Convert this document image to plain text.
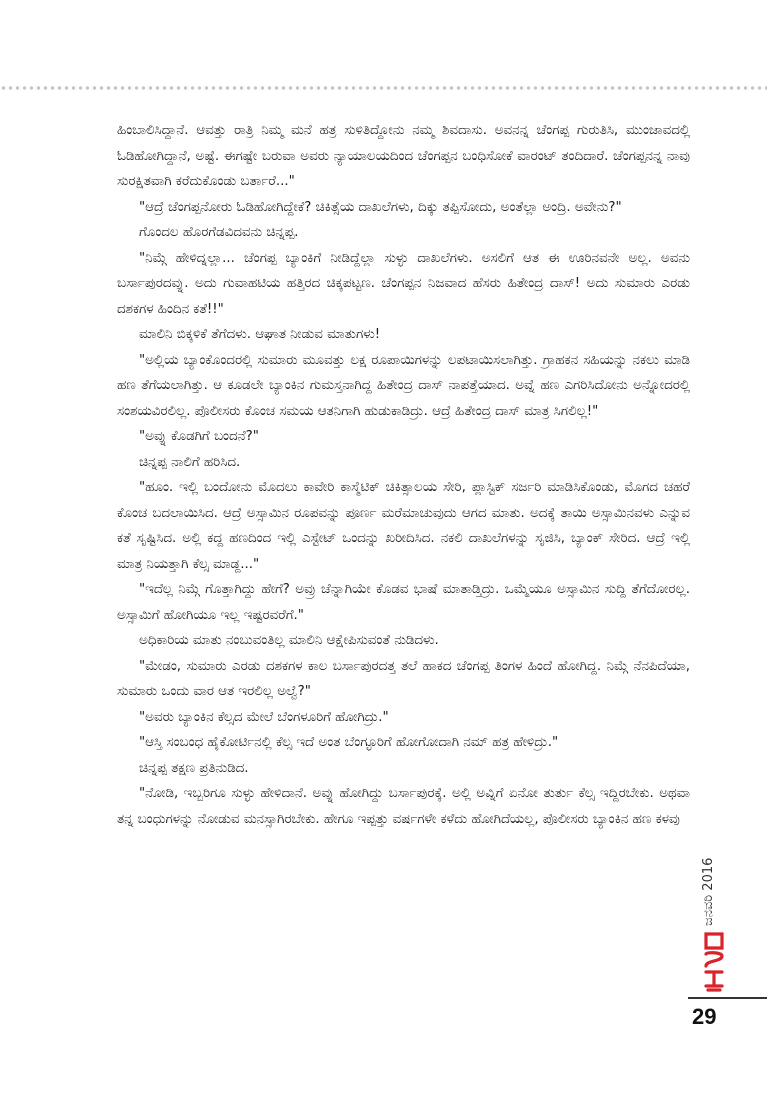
ಹಿಂಬಾಲಿಸಿದ್ದಾನೆ. ಆವತ್ತು ರಾತ್ರಿ ನಿಮ್ಮ ಮನೆ ಹತ್ರ ಸುಳಿತಿದ್ದೋನು ನಮ್ಮ ಶಿವದಾಸು. ಅವನನ್ನ ಚೆಂಗಪ್ಪ ಗುರುತಿಸಿ, ಮುಂಜಾವದಲ್ಲಿ ಓಡಿಹೋಗಿದ್ದಾನೆ, ಅಷ್ಟೆ. ಈಗಷ್ಟೇ ಬರುವಾ ಅವರು ನ್ಯಾಯಾಲಯದಿಂದ ಚೆಂಗಪ್ಪನ ಬಂಧಿಸೋಕೆ ವಾರಂಟ್ ತಂದಿದಾರೆ. ಚೆಂಗಪ್ಪನನ್ನ ನಾವು ಸುರಕ್ಷಿತವಾಗಿ ಕರೆದುಕೊಂಡು ಬರ್ತಾರೆ..."

"ಆದ್ರೆ ಚೆಂಗಪ್ಪನೋರು ಓಡಿಹೋಗಿದ್ದೇಕೆ? ಚಿಕಿತ್ಸೆಯ ದಾಖಲೆಗಳು, ದಿಕ್ಕು ತಪ್ಪಿಸೋದು, ಅಂತೆಲ್ಲಾ ಅಂದ್ರಿ. ಅವೇನು?"

ಗೊಂದಲ ಹೊರಗೆಡವಿದವನು ಚಿನ್ನಪ್ಪ.

"ನಿಮ್ಗೆ ಹೇಳಿದ್ನಲ್ಲಾ... ಚೆಂಗಪ್ಪ ಬ್ಯಾಂಕಿಗೆ ನೀಡಿದ್ದೆಲ್ಲಾ ಸುಳ್ಳು ದಾಖಲೆಗಳು. ಅಸಲಿಗೆ ಆತ ಈ ಊರಿನವನೇ ಅಲ್ಲ. ಅವನು ಬರ್ಸಾಪುರದವ್ನು. ಅದು ಗುವಾಹಟಿಯ ಹತ್ತಿರದ ಚಿಕ್ಕಪಟ್ಟಣ. ಚೆಂಗಪ್ಪನ ನಿಜವಾದ ಹೆಸರು ಹಿತೇಂದ್ರ ದಾಸ್! ಅದು ಸುಮಾರು ಎರಡು ದಶಕಗಳ ಹಿಂದಿನ ಕತೆ!!"

ಮಾಲಿನಿ ಬಿಕ್ಕಳಿಕೆ ತೆಗೆದಳು. ಆಘಾತ ನೀಡುವ ಮಾತುಗಳು!

"ಅಲ್ಲಿಯ ಬ್ಯಾಂಕೊಂದರಲ್ಲಿ ಸುಮಾರು ಮೂವತ್ತು ಲಕ್ಷ ರೂಪಾಯಿಗಳನ್ನು ಲಪಟಾಯಿಸಲಾಗಿತ್ತು. ಗ್ರಾಹಕನ ಸಹಿಯನ್ನು ನಕಲು ಮಾಡಿ ಹಣ ತೆಗೆಯಲಾಗಿತ್ತು. ಆ ಕೂಡಲೇ ಬ್ಯಾಂಕಿನ ಗುಮಸ್ತನಾಗಿದ್ದ ಹಿತೇಂದ್ರ ದಾಸ್ ನಾಪತ್ತೆಯಾದ. ಅವ್ನೆ ಹಣ ಎಗರಿಸಿದೋನು ಅನ್ನೋದರಲ್ಲಿ ಸಂಶಯವಿರಲಿಲ್ಲ. ಪೊಲೀಸರು ಕೊಂಚ ಸಮಯ ಆತನಿಗಾಗಿ ಹುಡುಕಾಡಿದ್ರು. ಆದ್ರೆ ಹಿತೇಂದ್ರ ದಾಸ್ ಮಾತ್ರ ಸಿಗಲಿಲ್ಲ!"

"ಅವ್ನು ಕೊಡಗಿಗೆ ಬಂದನೆ?"

ಚಿನ್ನಪ್ಪ ನಾಲಿಗೆ ಹರಿಸಿದ.

"ಹೂಂ. ಇಲ್ಲಿ ಬಂದೋನು ಮೊದಲು ಕಾವೇರಿ ಕಾಸ್ಮೆಟಿಕ್ ಚಿಕಿತ್ಸಾಲಯ ಸೇರಿ, ಪ್ಲಾಸ್ಟಿಕ್ ಸರ್ಜರಿ ಮಾಡಿಸಿಕೊಂಡು, ಮೊಗದ ಚಹರೆ ಕೊಂಚ ಬದಲಾಯಿಸಿದ. ಆದ್ರೆ ಅಸ್ಸಾಮಿನ ರೂಪವನ್ನು ಪೂರ್ಣ ಮರೆಮಾಚುವುದು ಆಗದ ಮಾತು. ಅದಕ್ಕೆ ತಾಯಿ ಅಸ್ಸಾಮಿನವಳು ಎನ್ನುವ ಕತೆ ಸೃಷ್ಟಿಸಿದ. ಅಲ್ಲಿ ಕದ್ದ ಹಣದಿಂದ ಇಲ್ಲಿ ಎಸ್ಟೇಟ್ ಒಂದನ್ನು ಖರೀದಿಸಿದ. ನಕಲಿ ದಾಖಲೆಗಳನ್ನು ಸೃಜಿಸಿ, ಬ್ಯಾಂಕ್ ಸೇರಿದ. ಆದ್ರೆ ಇಲ್ಲಿ ಮಾತ್ರ ನಿಯತ್ತಾಗಿ ಕೆಲ್ಸ ಮಾಡ್ದ..."

"ಇದೆಲ್ಲ ನಿಮ್ಗೆ ಗೊತ್ತಾಗಿದ್ದು ಹೇಗೆ? ಅವ್ರು ಚೆನ್ನಾಗಿಯೇ ಕೊಡವ ಭಾಷೆ ಮಾತಾಡ್ತಿದ್ರು. ಒಮ್ಮೆಯೂ ಅಸ್ಸಾಮಿನ ಸುದ್ದಿ ತೆಗೆದೋರಲ್ಲ. ಅಸ್ಸಾಮಿಗೆ ಹೋಗಿಯೂ ಇಲ್ಲ ಇಷ್ಟರವರೆಗೆ."

ಅಧಿಕಾರಿಯ ಮಾತು ನಂಬುವಂತಿಲ್ಲ ಮಾಲಿನಿ ಆಕ್ಷೇಪಿಸುವಂತೆ ನುಡಿದಳು.

"ಮೇಡಂ, ಸುಮಾರು ಎರಡು ದಶಕಗಳ ಕಾಲ ಬರ್ಸಾಪುರದತ್ತ ತಲೆ ಹಾಕದ ಚೆಂಗಪ್ಪ ತಿಂಗಳ ಹಿಂದೆ ಹೋಗಿದ್ದ. ನಿಮ್ಗೆ ನೆನಪಿದೆಯಾ, ಸುಮಾರು ಒಂದು ವಾರ ಆತ ಇರಲಿಲ್ಲ ಅಲ್ವೆ?"

"ಅವರು ಬ್ಯಾಂಕಿನ ಕೆಲ್ಸದ ಮೇಲೆ ಬೆಂಗಳೂರಿಗೆ ಹೋಗಿದ್ರು."

"ಆಸ್ತಿ ಸಂಬಂಧ ಹೈಕೋರ್ಟಿನಲ್ಲಿ ಕೆಲ್ಸ ಇದೆ ಅಂತ ಬೆಂಗ್ಳೂರಿಗೆ ಹೋಗೋದಾಗಿ ನಮ್ ಹತ್ರ ಹೇಳಿದ್ರು."

ಚಿನ್ನಪ್ಪ ತಕ್ಷಣ ಪ್ರತಿನುಡಿದ.

"ನೋಡಿ, ಇಬ್ಬರಿಗೂ ಸುಳ್ಳು ಹೇಳಿದಾನೆ. ಅವ್ನು ಹೋಗಿದ್ದು ಬರ್ಸಾಪುರಕ್ಕೆ. ಅಲ್ಲಿ ಅವ್ನಿಗೆ ಏನೋ ತುರ್ತು ಕೆಲ್ಸ ಇದ್ದಿರಬೇಕು. ಅಥವಾ ತನ್ನ ಬಂಧುಗಳನ್ನು ನೋಡುವ ಮನಸ್ಸಾಗಿರಬೇಕು. ಹೇಗೂ ಇಪ್ಪತ್ತು ವರ್ಷಗಳೇ ಕಳೆದು ಹೋಗಿದೆಯಲ್ಲ, ಪೊಲೀಸರು ಬ್ಯಾಂಕಿನ ಹಣ ಕಳವು

ಜನವರಿ 2016
29
